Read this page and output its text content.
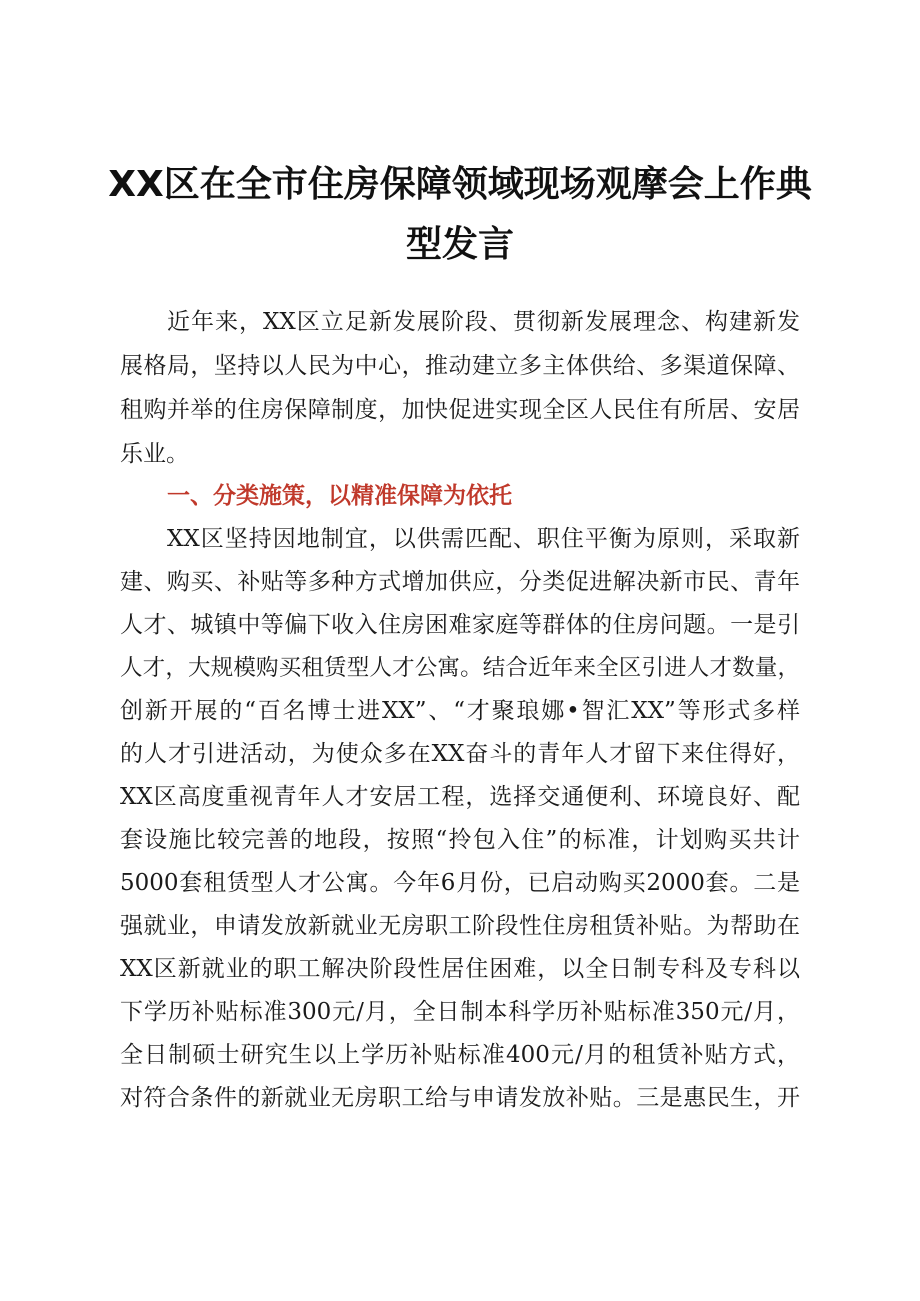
XX区在全市住房保障领域现场观摩会上作典
型发言
近年来，XX区立足新发展阶段、贯彻新发展理念、构建新发
展格局，坚持以人民为中心，推动建立多主体供给、多渠道保障、
租购并举的住房保障制度，加快促进实现全区人民住有所居、安居
乐业。
一、分类施策，以精准保障为依托
XX区坚持因地制宜，以供需匹配、职住平衡为原则，采取新
建、购买、补贴等多种方式增加供应，分类促进解决新市民、青年
人才、城镇中等偏下收入住房困难家庭等群体的住房问题。一是引
人才，大规模购买租赁型人才公寓。结合近年来全区引进人才数量，
创新开展的“百名博士进XX”、“才聚琅娜•智汇XX”等形式多样
的人才引进活动，为使众多在XX奋斗的青年人才留下来住得好，
XX区高度重视青年人才安居工程，选择交通便利、环境良好、配
套设施比较完善的地段，按照“拎包入住”的标准，计划购买共计
5000套租赁型人才公寓。今年6月份，已启动购买2000套。二是
强就业，申请发放新就业无房职工阶段性住房租赁补贴。为帮助在
XX区新就业的职工解决阶段性居住困难，以全日制专科及专科以
下学历补贴标准300元/月，全日制本科学历补贴标准350元/月，
全日制硕士研究生以上学历补贴标准400元/月的租赁补贴方式，
对符合条件的新就业无房职工给与申请发放补贴。三是惠民生，开
